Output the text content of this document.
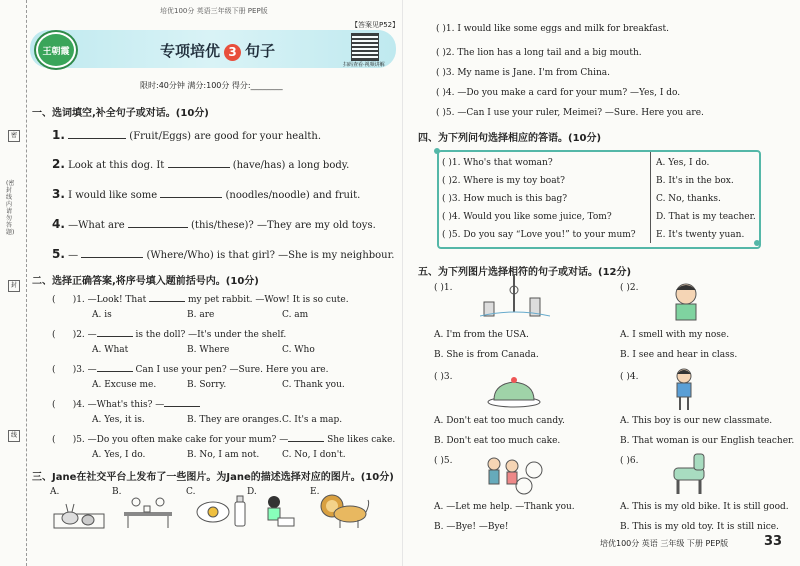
(密封线内请勿答题)
密
封
线
培优100分 英语三年级下册 PEP版
王朝霞	专项培优 3 句子
【答案见P52】
扫码查看·视频讲解
限时:40分钟 满分:100分 得分:________
一、选词填空,补全句子或对话。(10分)
1.	(Fruit/Eggs) are good for your health.
2. Look at this dog. It	(have/has) a long body.
3. I would like some	(noodles/noodle) and fruit.
4. —What are	(this/these)? —They are my old toys.
5. —	(Where/Who) is that girl? —She is my neighbour.
二、选择正确答案,将序号填入题前括号内。(10分)
(      )1. —Look! That	my pet rabbit. —Wow! It is so cute.
A. is	B. are	C. am
(      )2. —	is the doll? —It's under the shelf.
A. What	B. Where	C. Who
(      )3. —	Can I use your pen? —Sure. Here you are.
A. Excuse me.	B. Sorry.	C. Thank you.
(      )4. —What's this? —
A. Yes, it is.	B. They are oranges. C. It's a map.
(      )5. —Do you often make cake for your mum? —	She likes cake.
A. Yes, I do.	B. No, I am not.	C. No, I don't.
三、Jane在社交平台上发布了一些图片。为Jane的描述选择对应的图片。(10分)
A.	B.	C.	D.	E.
( )1. I would like some eggs and milk for breakfast.
( )2. The lion has a long tail and a big mouth.
( )3. My name is Jane. I'm from China.
( )4. —Do you make a card for your mum? —Yes, I do.
( )5. —Can I use your ruler, Meimei? —Sure. Here you are.
四、为下列问句选择相应的答语。(10分)
( )1. Who's that woman?
( )2. Where is my toy boat?
( )3. How much is this bag?
( )4. Would you like some juice, Tom?
( )5. Do you say “Love you!” to your mum?
A. Yes, I do.
B. It's in the box.
C. No, thanks.
D. That is my teacher.
E. It's twenty yuan.
五、为下列图片选择相符的句子或对话。(12分)
( )1.
A. I'm from the USA.
B. She is from Canada.
( )2.
A. I smell with my nose.
B. I see and hear in class.
( )3.
A. Don't eat too much candy.
B. Don't eat too much cake.
( )4.
A. This boy is our new classmate.
B. That woman is our English teacher.
( )5.
A. —Let me help. —Thank you.
B. —Bye! —Bye!
( )6.
A. This is my old bike. It is still good.
B. This is my old toy. It is still nice.
培优100分 英语 三年级 下册 PEP版	33
